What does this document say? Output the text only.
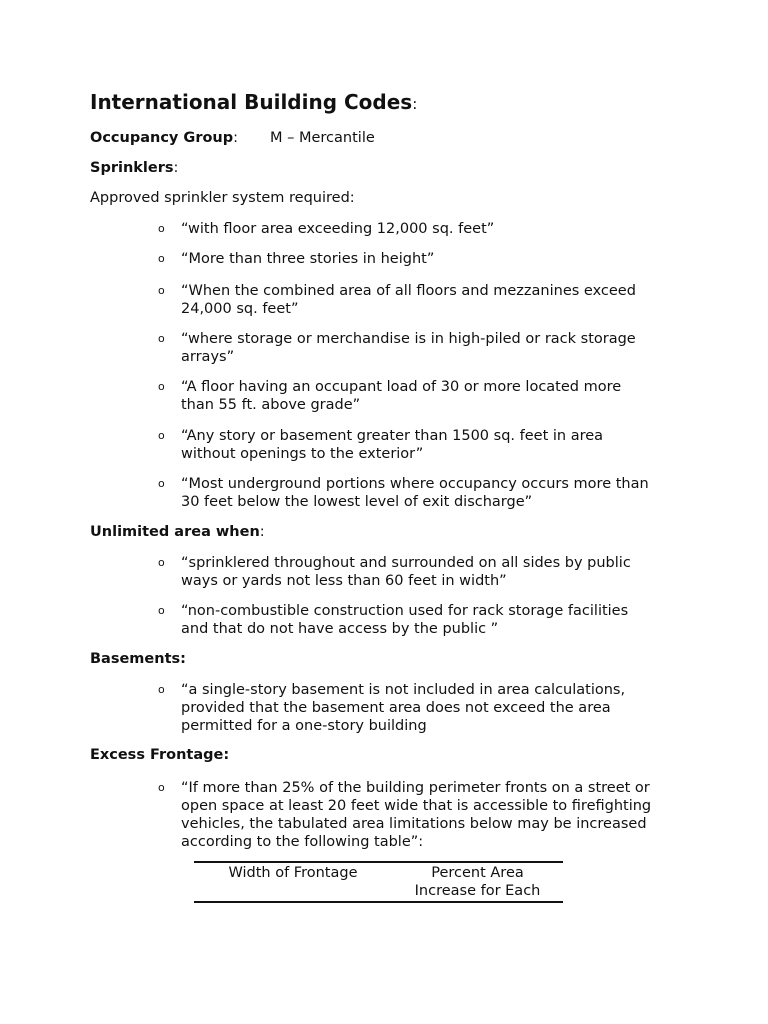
International Building Codes:
Occupancy Group: M – Mercantile
Sprinklers:
Approved sprinkler system required:
o “with floor area exceeding 12,000 sq. feet”
o “More than three stories in height”
o “When the combined area of all floors and mezzanines exceed
24,000 sq. feet”
o “where storage or merchandise is in high-piled or rack storage
arrays”
o “A floor having an occupant load of 30 or more located more
than 55 ft. above grade”
o “Any story or basement greater than 1500 sq. feet in area
without openings to the exterior”
o “Most underground portions where occupancy occurs more than
30 feet below the lowest level of exit discharge”
Unlimited area when:
o “sprinklered throughout and surrounded on all sides by public
ways or yards not less than 60 feet in width”
o “non-combustible construction used for rack storage facilities
and that do not have access by the public ”
Basements:
o “a single-story basement is not included in area calculations,
provided that the basement area does not exceed the area
permitted for a one-story building
Excess Frontage:
o “If more than 25% of the building perimeter fronts on a street or
open space at least 20 feet wide that is accessible to firefighting
vehicles, the tabulated area limitations below may be increased
according to the following table”:
Width of Frontage	Percent Area
Increase for Each
